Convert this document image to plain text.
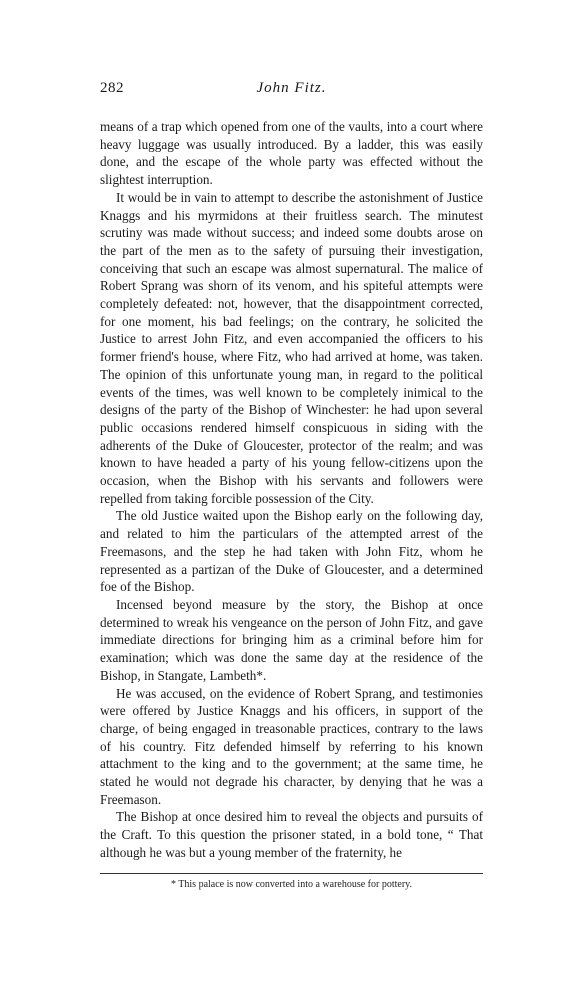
282	John Fitz.

means of a trap which opened from one of the vaults, into a court where heavy luggage was usually introduced. By a ladder, this was easily done, and the escape of the whole party was effected without the slightest interruption.

It would be in vain to attempt to describe the astonishment of Justice Knaggs and his myrmidons at their fruitless search. The minutest scrutiny was made without success; and indeed some doubts arose on the part of the men as to the safety of pursuing their investigation, conceiving that such an escape was almost supernatural. The malice of Robert Sprang was shorn of its venom, and his spiteful attempts were completely defeated: not, however, that the disappointment corrected, for one moment, his bad feelings; on the contrary, he solicited the Justice to arrest John Fitz, and even accompanied the officers to his former friend's house, where Fitz, who had arrived at home, was taken. The opinion of this unfortunate young man, in regard to the political events of the times, was well known to be completely inimical to the designs of the party of the Bishop of Winchester: he had upon several public occasions rendered himself conspicuous in siding with the adherents of the Duke of Gloucester, protector of the realm; and was known to have headed a party of his young fellow-citizens upon the occasion, when the Bishop with his servants and followers were repelled from taking forcible possession of the City.

The old Justice waited upon the Bishop early on the following day, and related to him the particulars of the attempted arrest of the Freemasons, and the step he had taken with John Fitz, whom he represented as a partizan of the Duke of Gloucester, and a determined foe of the Bishop.

Incensed beyond measure by the story, the Bishop at once determined to wreak his vengeance on the person of John Fitz, and gave immediate directions for bringing him as a criminal before him for examination; which was done the same day at the residence of the Bishop, in Stangate, Lambeth*.

He was accused, on the evidence of Robert Sprang, and testimonies were offered by Justice Knaggs and his officers, in support of the charge, of being engaged in treasonable practices, contrary to the laws of his country. Fitz defended himself by referring to his known attachment to the king and to the government; at the same time, he stated he would not degrade his character, by denying that he was a Freemason.

The Bishop at once desired him to reveal the objects and pursuits of the Craft. To this question the prisoner stated, in a bold tone, “ That although he was but a young member of the fraternity, he

* This palace is now converted into a warehouse for pottery.
